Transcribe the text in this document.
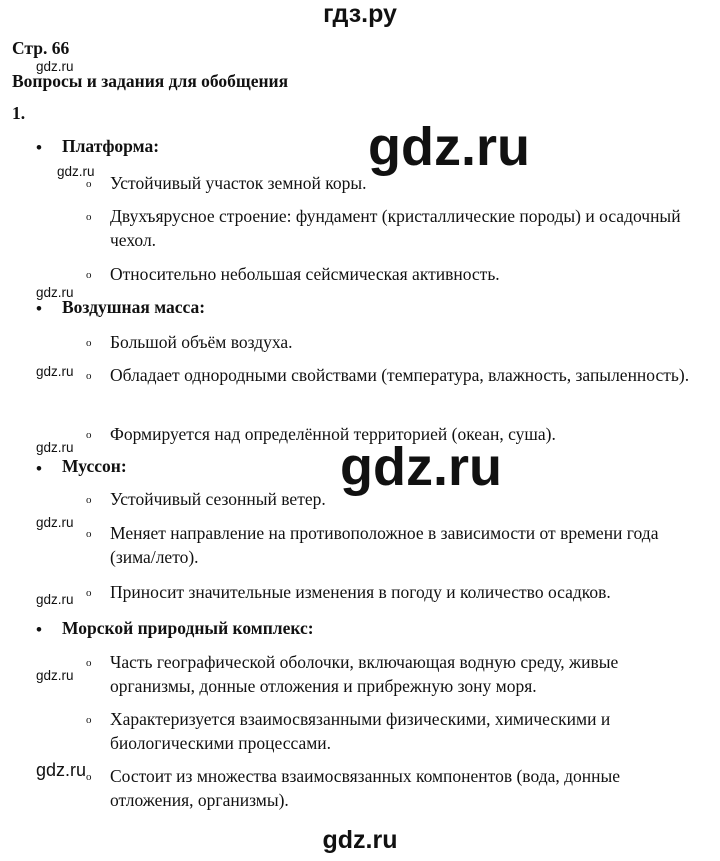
гдз.ру
Стр. 66
Вопросы и задания для обобщения
1.
gdz.ru
gdz.ru
gdz.ru
gdz.ru
gdz.ru
gdz.ru
gdz.ru
gdz.ru
gdz.ru
gdz.ru
gdz.ru
gdz.ru
• Платформа:
o Устойчивый участок земной коры.
o Двухъярусное строение: фундамент (кристаллические породы) и осадочный чехол.
o Относительно небольшая сейсмическая активность.
• Воздушная масса:
o Большой объём воздуха.
o Обладает однородными свойствами (температура, влажность, запыленность).
o Формируется над определённой территорией (океан, суша).
• Муссон:
o Устойчивый сезонный ветер.
o Меняет направление на противоположное в зависимости от времени года (зима/лето).
o Приносит значительные изменения в погоду и количество осадков.
• Морской природный комплекс:
o Часть географической оболочки, включающая водную среду, живые организмы, донные отложения и прибрежную зону моря.
o Характеризуется взаимосвязанными физическими, химическими и биологическими процессами.
o Состоит из множества взаимосвязанных компонентов (вода, донные отложения, организмы).
